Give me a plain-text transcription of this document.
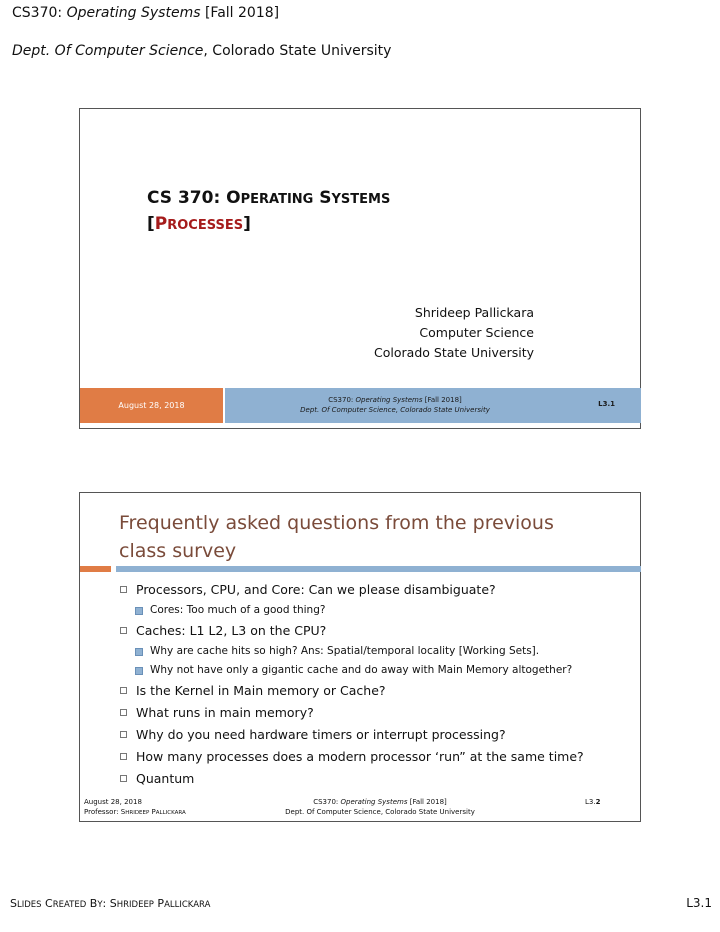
CS370: Operating Systems [Fall 2018]
Dept. Of Computer Science, Colorado State University
CS 370: OPERATING SYSTEMS
[PROCESSES]
Shrideep Pallickara
Computer Science
Colorado State University
August 28, 2018
CS370: Operating Systems [Fall 2018]
Dept. Of Computer Science, Colorado State University
L3.1
Frequently asked questions from the previous class survey
Processors, CPU, and Core: Can we please disambiguate?
Cores: Too much of a good thing?
Caches: L1 L2, L3 on the CPU?
Why are cache hits so high? Ans: Spatial/temporal locality [Working Sets].
Why not have only a gigantic cache and do away with Main Memory altogether?
Is the Kernel in Main memory or Cache?
What runs in main memory?
Why do you need hardware timers or interrupt processing?
How many processes does a modern processor ‘run” at the same time?
Quantum
August 28, 2018
Professor: SHRIDEEP PALLICKARA
CS370: Operating Systems [Fall 2018]
Dept. Of Computer Science, Colorado State University
L3.2
SLIDES CREATED BY: SHRIDEEP PALLICKARA	L3.1
